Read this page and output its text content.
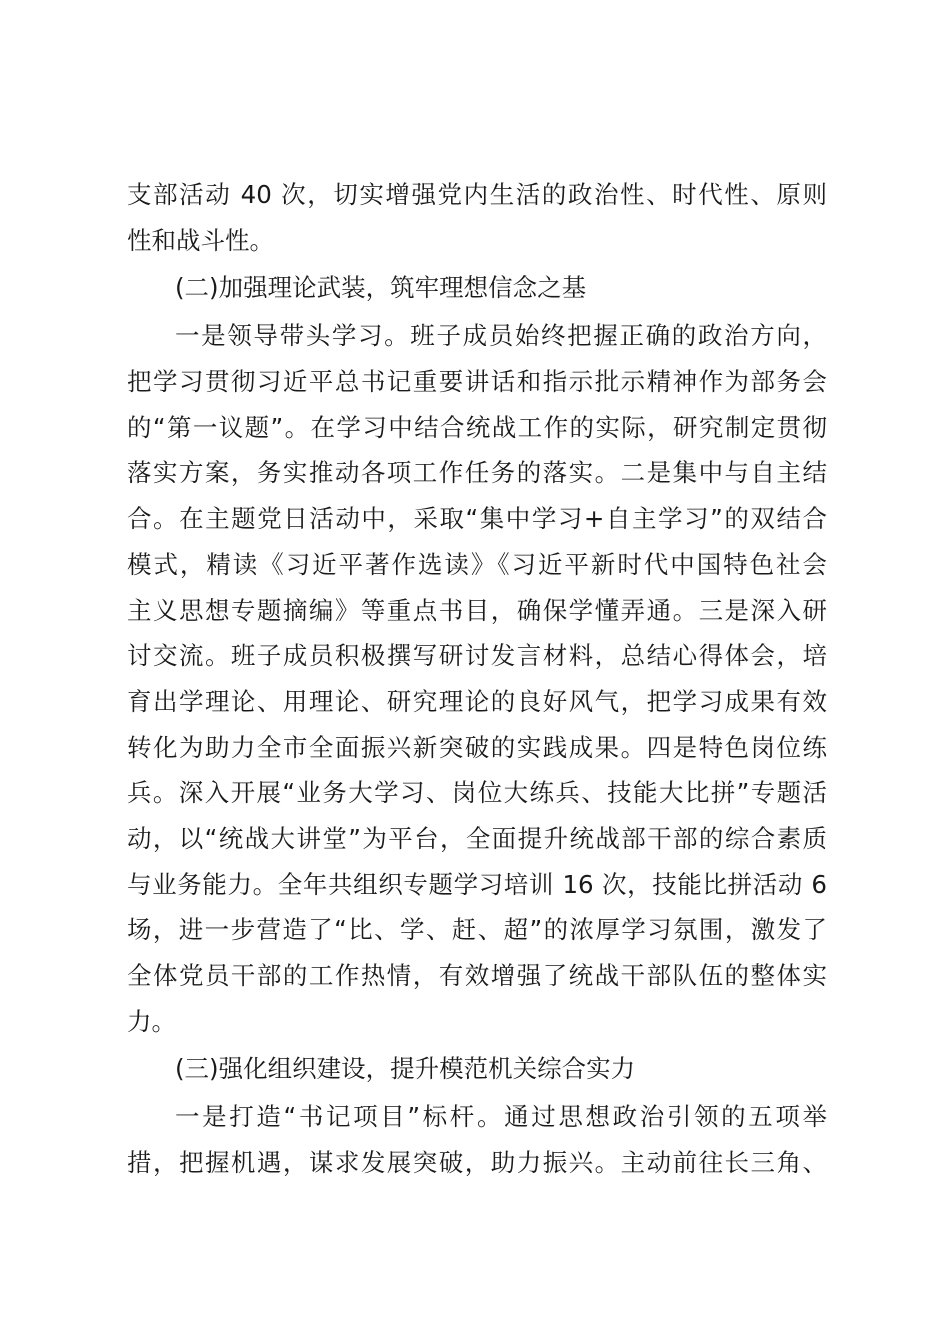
支部活动 40 次，切实增强党内生活的政治性、时代性、原则
性和战斗性。
(二)加强理论武装，筑牢理想信念之基
一是领导带头学习。班子成员始终把握正确的政治方向，
把学习贯彻习近平总书记重要讲话和指示批示精神作为部务会
的“第一议题”。在学习中结合统战工作的实际，研究制定贯彻
落实方案，务实推动各项工作任务的落实。二是集中与自主结
合。在主题党日活动中，采取“集中学习+自主学习”的双结合
模式，精读《习近平著作选读》《习近平新时代中国特色社会
主义思想专题摘编》等重点书目，确保学懂弄通。三是深入研
讨交流。班子成员积极撰写研讨发言材料，总结心得体会，培
育出学理论、用理论、研究理论的良好风气，把学习成果有效
转化为助力全市全面振兴新突破的实践成果。四是特色岗位练
兵。深入开展“业务大学习、岗位大练兵、技能大比拼”专题活
动，以“统战大讲堂”为平台，全面提升统战部干部的综合素质
与业务能力。全年共组织专题学习培训 16 次，技能比拼活动 6
场，进一步营造了“比、学、赶、超”的浓厚学习氛围，激发了
全体党员干部的工作热情，有效增强了统战干部队伍的整体实
力。
(三)强化组织建设，提升模范机关综合实力
一是打造“书记项目”标杆。通过思想政治引领的五项举
措，把握机遇，谋求发展突破，助力振兴。主动前往长三角、
